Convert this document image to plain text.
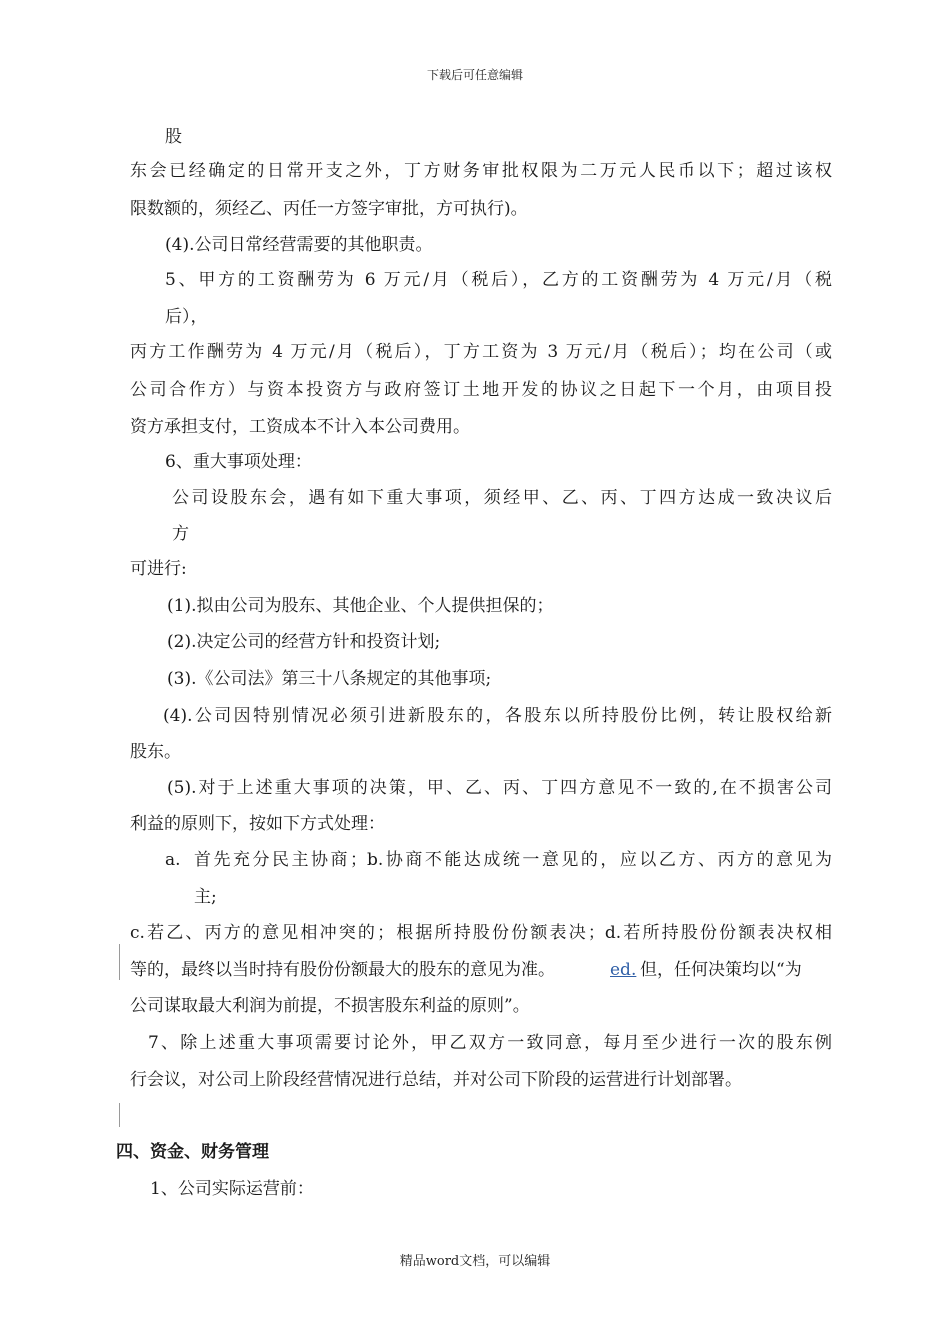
下载后可任意编辑
股
东会已经确定的日常开支之外，丁方财务审批权限为二万元人民币以下；超过该权
限数额的，须经乙、丙任一方签字审批，方可执行)。
(4).公司日常经营需要的其他职责。
5、甲方的工资酬劳为 6 万元/月（税后），乙方的工资酬劳为 4 万元/月（税
后），
丙方工作酬劳为 4 万元/月（税后），丁方工资为 3 万元/月（税后）；均在公司（或
公司合作方）与资本投资方与政府签订土地开发的协议之日起下一个月，由项目投
资方承担支付，工资成本不计入本公司费用。
6、重大事项处理：
公司设股东会，遇有如下重大事项，须经甲、乙、丙、丁四方达成一致决议后
方
可进行:
(1).拟由公司为股东、其他企业、个人提供担保的；
(2).决定公司的经营方针和投资计划;
(3).《公司法》第三十八条规定的其他事项;
(4).公司因特别情况必须引进新股东的，各股东以所持股份比例，转让股权给新
股东。
(5).对于上述重大事项的决策，甲、乙、丙、丁四方意见不一致的,在不损害公司
利益的原则下，按如下方式处理：
a. 首先充分民主协商；b.协商不能达成统一意见的，应以乙方、丙方的意见为
主;
c.若乙、丙方的意见相冲突的；根据所持股份份额表决；d.若所持股份份额表决权相
等的，最终以当时持有股份份额最大的股东的意见为准。	ed. 但，任何决策均以“为
公司谋取最大利润为前提，不损害股东利益的原则”。
7、除上述重大事项需要讨论外，甲乙双方一致同意，每月至少进行一次的股东例
行会议，对公司上阶段经营情况进行总结，并对公司下阶段的运营进行计划部署。
四、资金、财务管理
1、公司实际运营前：
精品word文档，可以编辑
